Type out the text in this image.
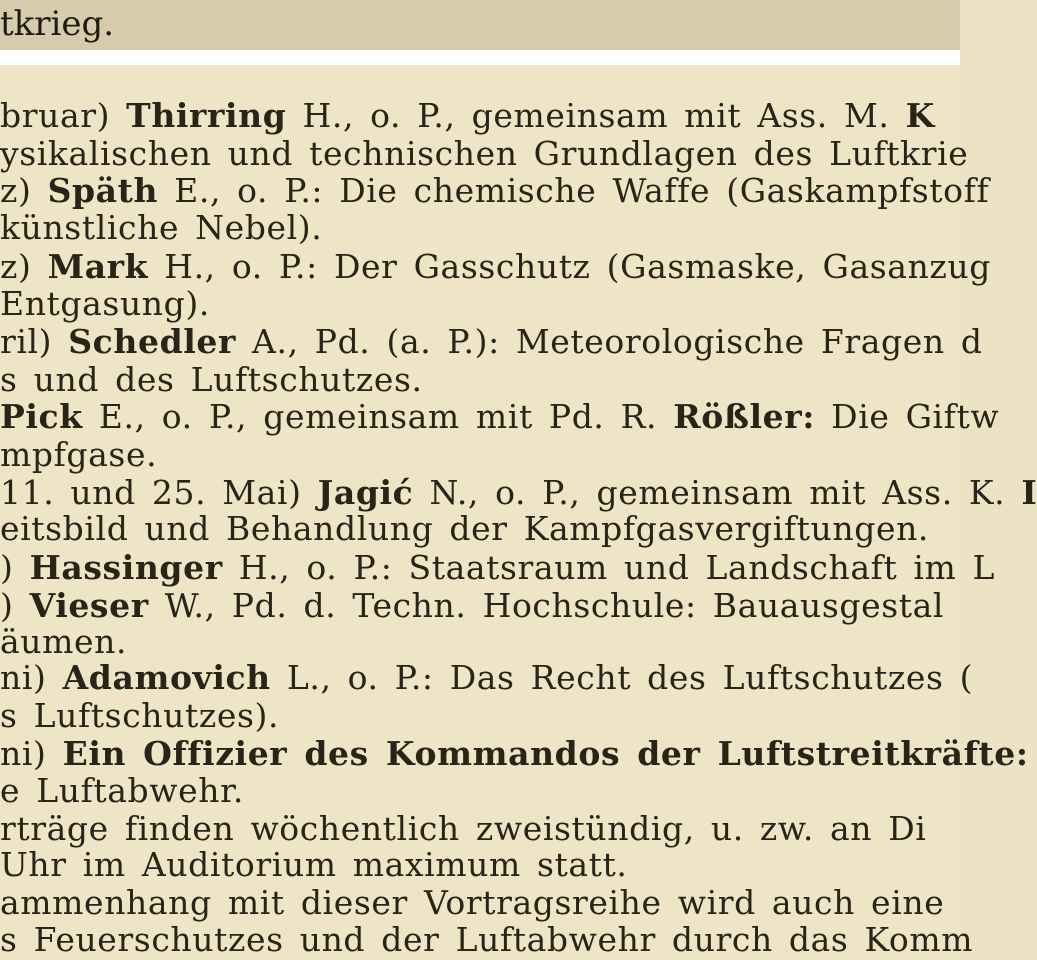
tkrieg.
bruar) Thirring H., o. P., gemeinsam mit Ass. M. K
ysikalischen und technischen Grundlagen des Luftkrie
z) Späth E., o. P.: Die chemische Waffe (Gaskampfstoff
künstliche Nebel).
z) Mark H., o. P.: Der Gasschutz (Gasmaske, Gasanzug
Entgasung).
ril) Schedler A., Pd. (a. P.): Meteorologische Fragen d
s und des Luftschutzes.
Pick E., o. P., gemeinsam mit Pd. R. Rößler: Die Giftw
mpfgase.
11. und 25. Mai) Jagić N., o. P., gemeinsam mit Ass. K. I
eitsbild und Behandlung der Kampfgasvergiftungen.
) Hassinger H., o. P.: Staatsraum und Landschaft im L
) Vieser W., Pd. d. Techn. Hochschule: Bauausgestal
äumen.
ni) Adamovich L., o. P.: Das Recht des Luftschutzes (
s Luftschutzes).
ni) Ein Offizier des Kommandos der Luftstreitkräfte:
e Luftabwehr.
rträge finden wöchentlich zweistündig, u. zw. an Di
Uhr im Auditorium maximum statt.
ammenhang mit dieser Vortragsreihe wird auch eine
s Feuerschutzes und der Luftabwehr durch das Komm
